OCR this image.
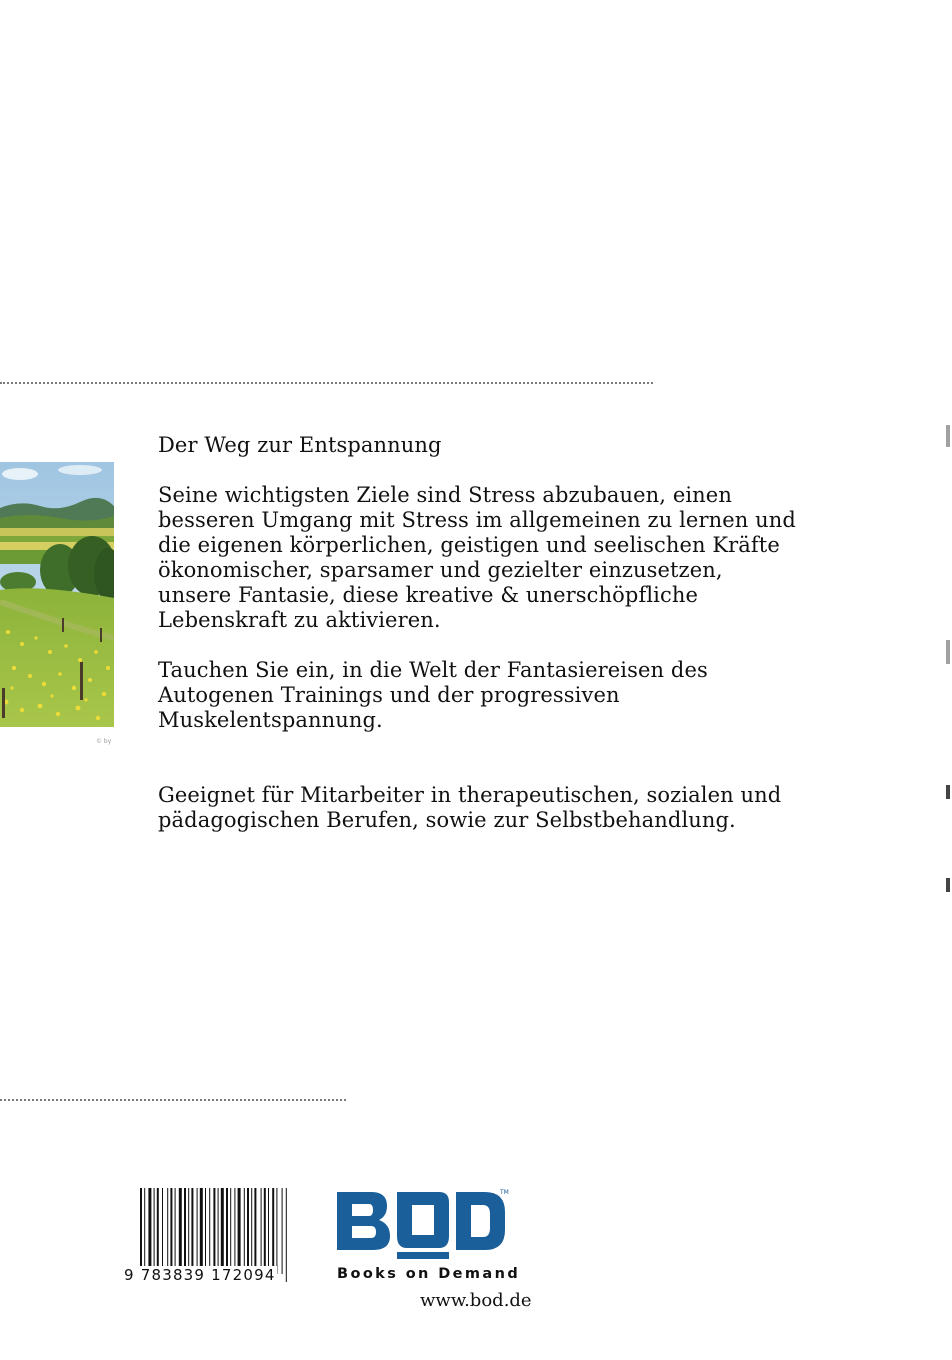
© by

Der Weg zur Entspannung

Seine wichtigsten Ziele sind Stress abzubauen, einen besseren Umgang mit Stress im allgemeinen zu lernen und die eigenen körperlichen, geistigen und seelischen Kräfte ökonomischer, sparsamer und gezielter einzusetzen, unsere Fantasie, diese kreative & unerschöpfliche Lebenskraft zu aktivieren.

Tauchen Sie ein, in die Welt der Fantasiereisen des Autogenen Trainings und der progressiven Muskelentspannung.

Geeignet für Mitarbeiter in therapeutischen, sozialen und pädagogischen Berufen, sowie zur Selbstbehandlung.

9 783839 172094
TM
Books on Demand
www.bod.de
